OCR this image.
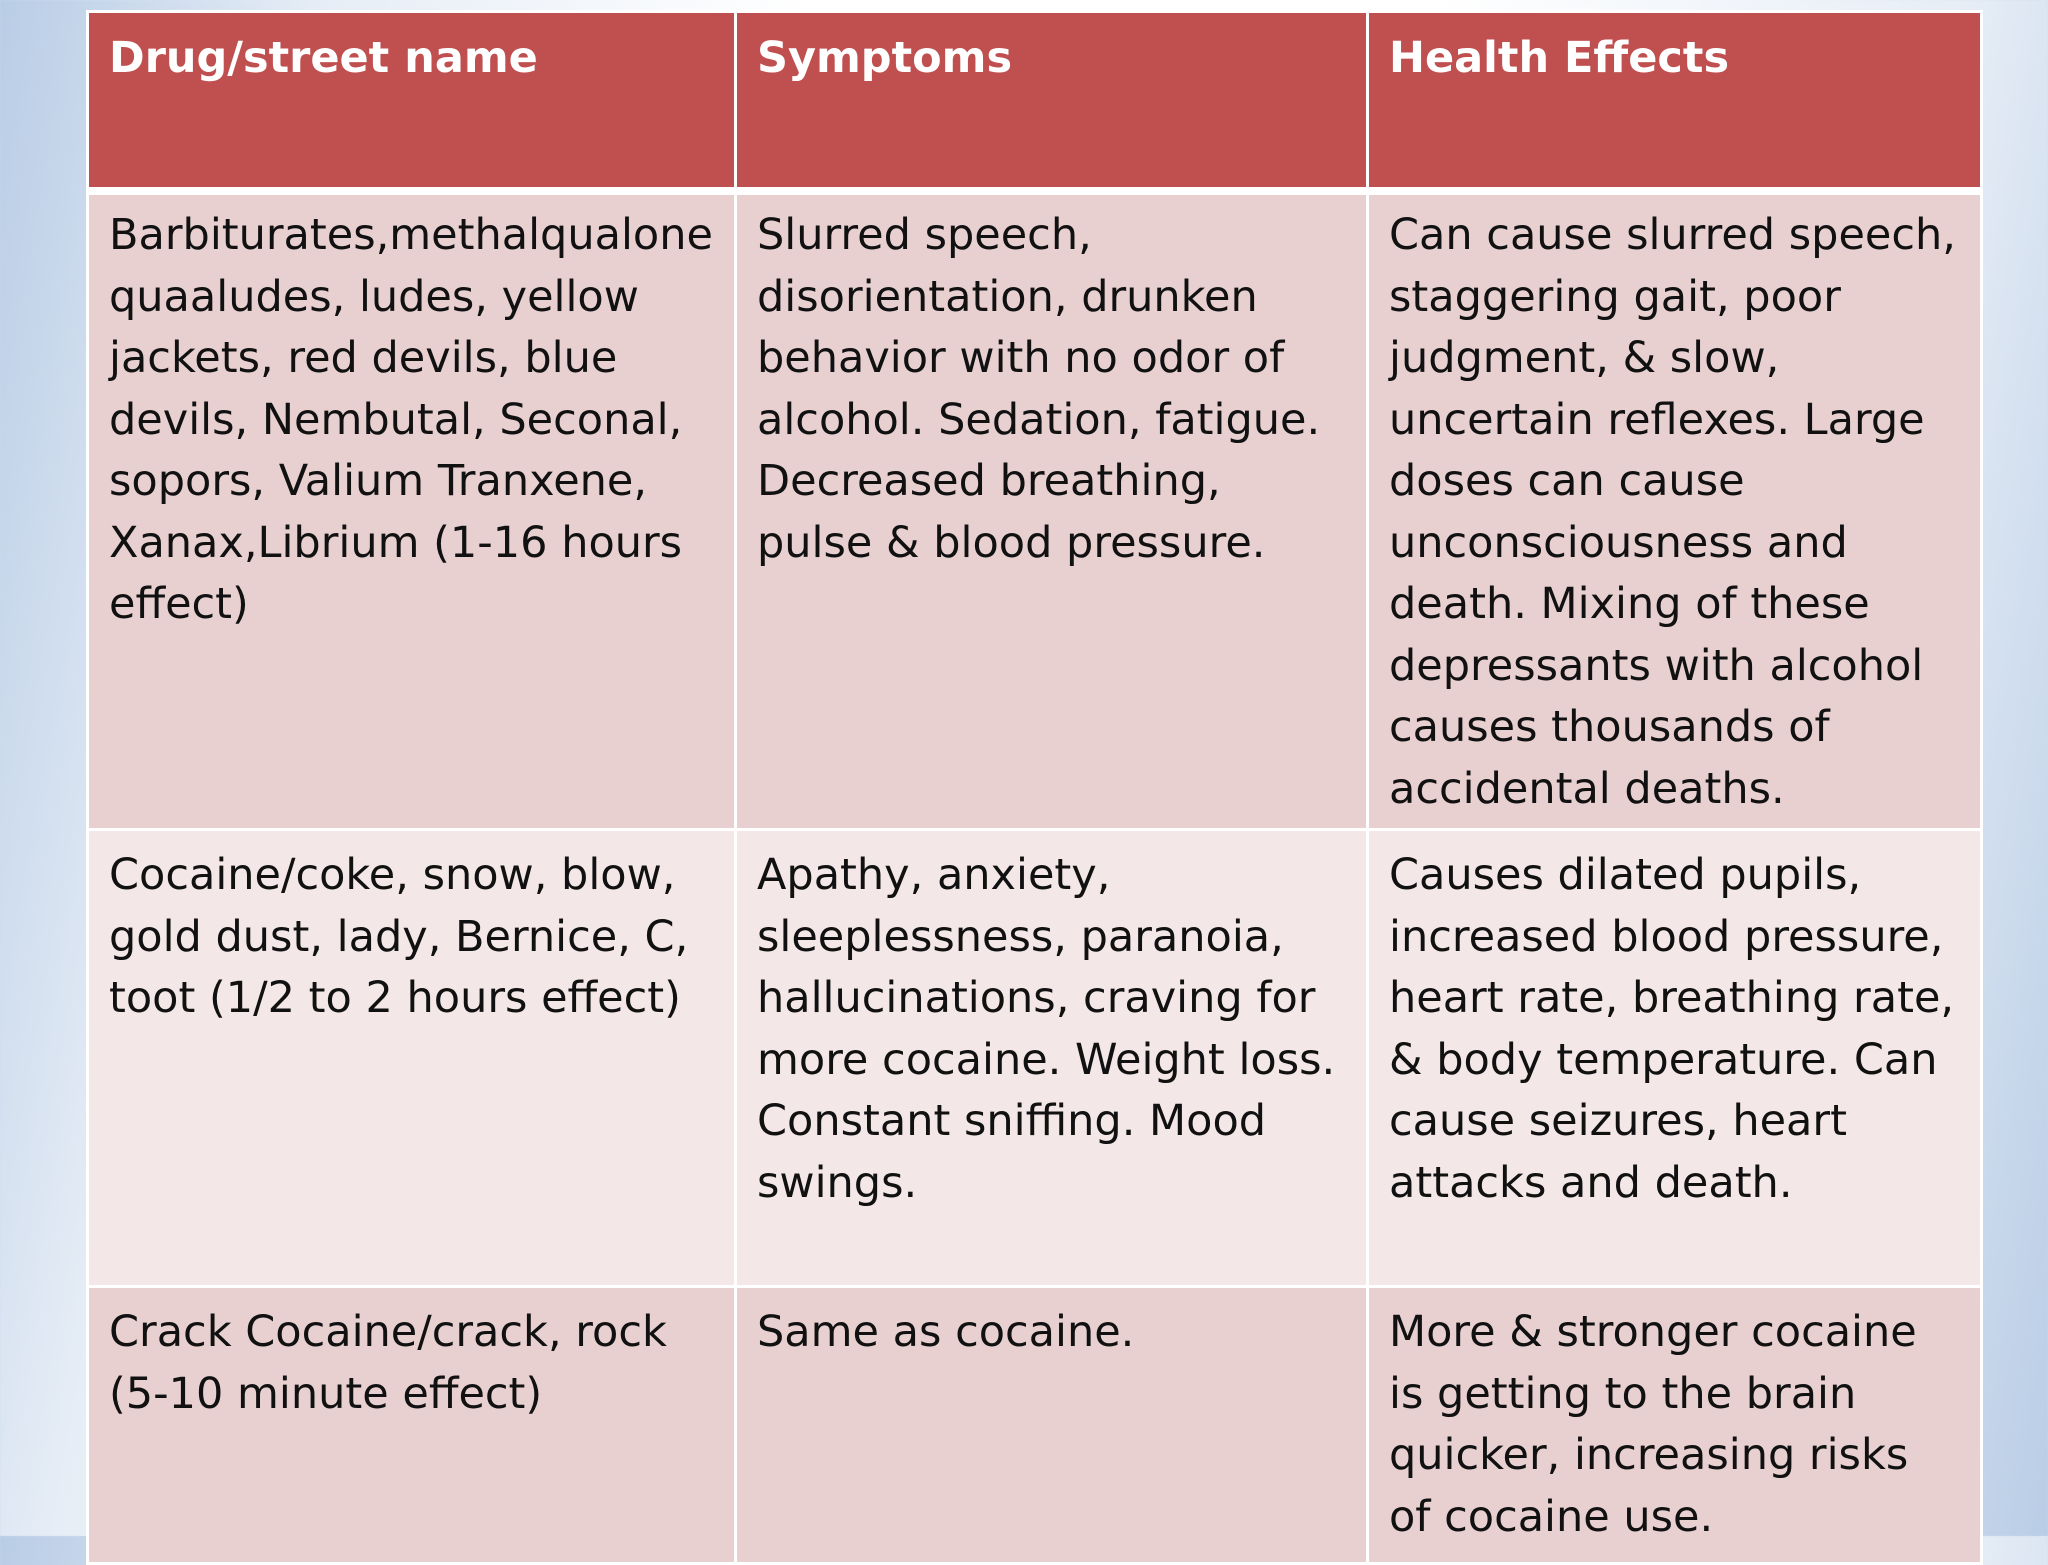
Drug/street name	Symptoms	Health Effects
Barbiturates,methalqualone quaaludes, ludes, yellow jackets, red devils, blue devils, Nembutal, Seconal, sopors, Valium Tranxene, Xanax,Librium (1-16 hours effect)	Slurred speech, disorientation, drunken behavior with no odor of alcohol. Sedation, fatigue. Decreased breathing, pulse & blood pressure.	Can cause slurred speech, staggering gait, poor judgment, & slow, uncertain reflexes. Large doses can cause unconsciousness and death. Mixing of these depressants with alcohol causes thousands of accidental deaths.
Cocaine/coke, snow, blow, gold dust, lady, Bernice, C, toot (1/2 to 2 hours effect)	Apathy, anxiety, sleeplessness, paranoia, hallucinations, craving for more cocaine. Weight loss. Constant sniffing. Mood swings.	Causes dilated pupils, increased blood pressure, heart rate, breathing rate, & body temperature. Can cause seizures, heart attacks and death.
Crack Cocaine/crack, rock (5-10 minute effect)	Same as cocaine.	More & stronger cocaine is getting to the brain quicker, increasing risks of cocaine use.
